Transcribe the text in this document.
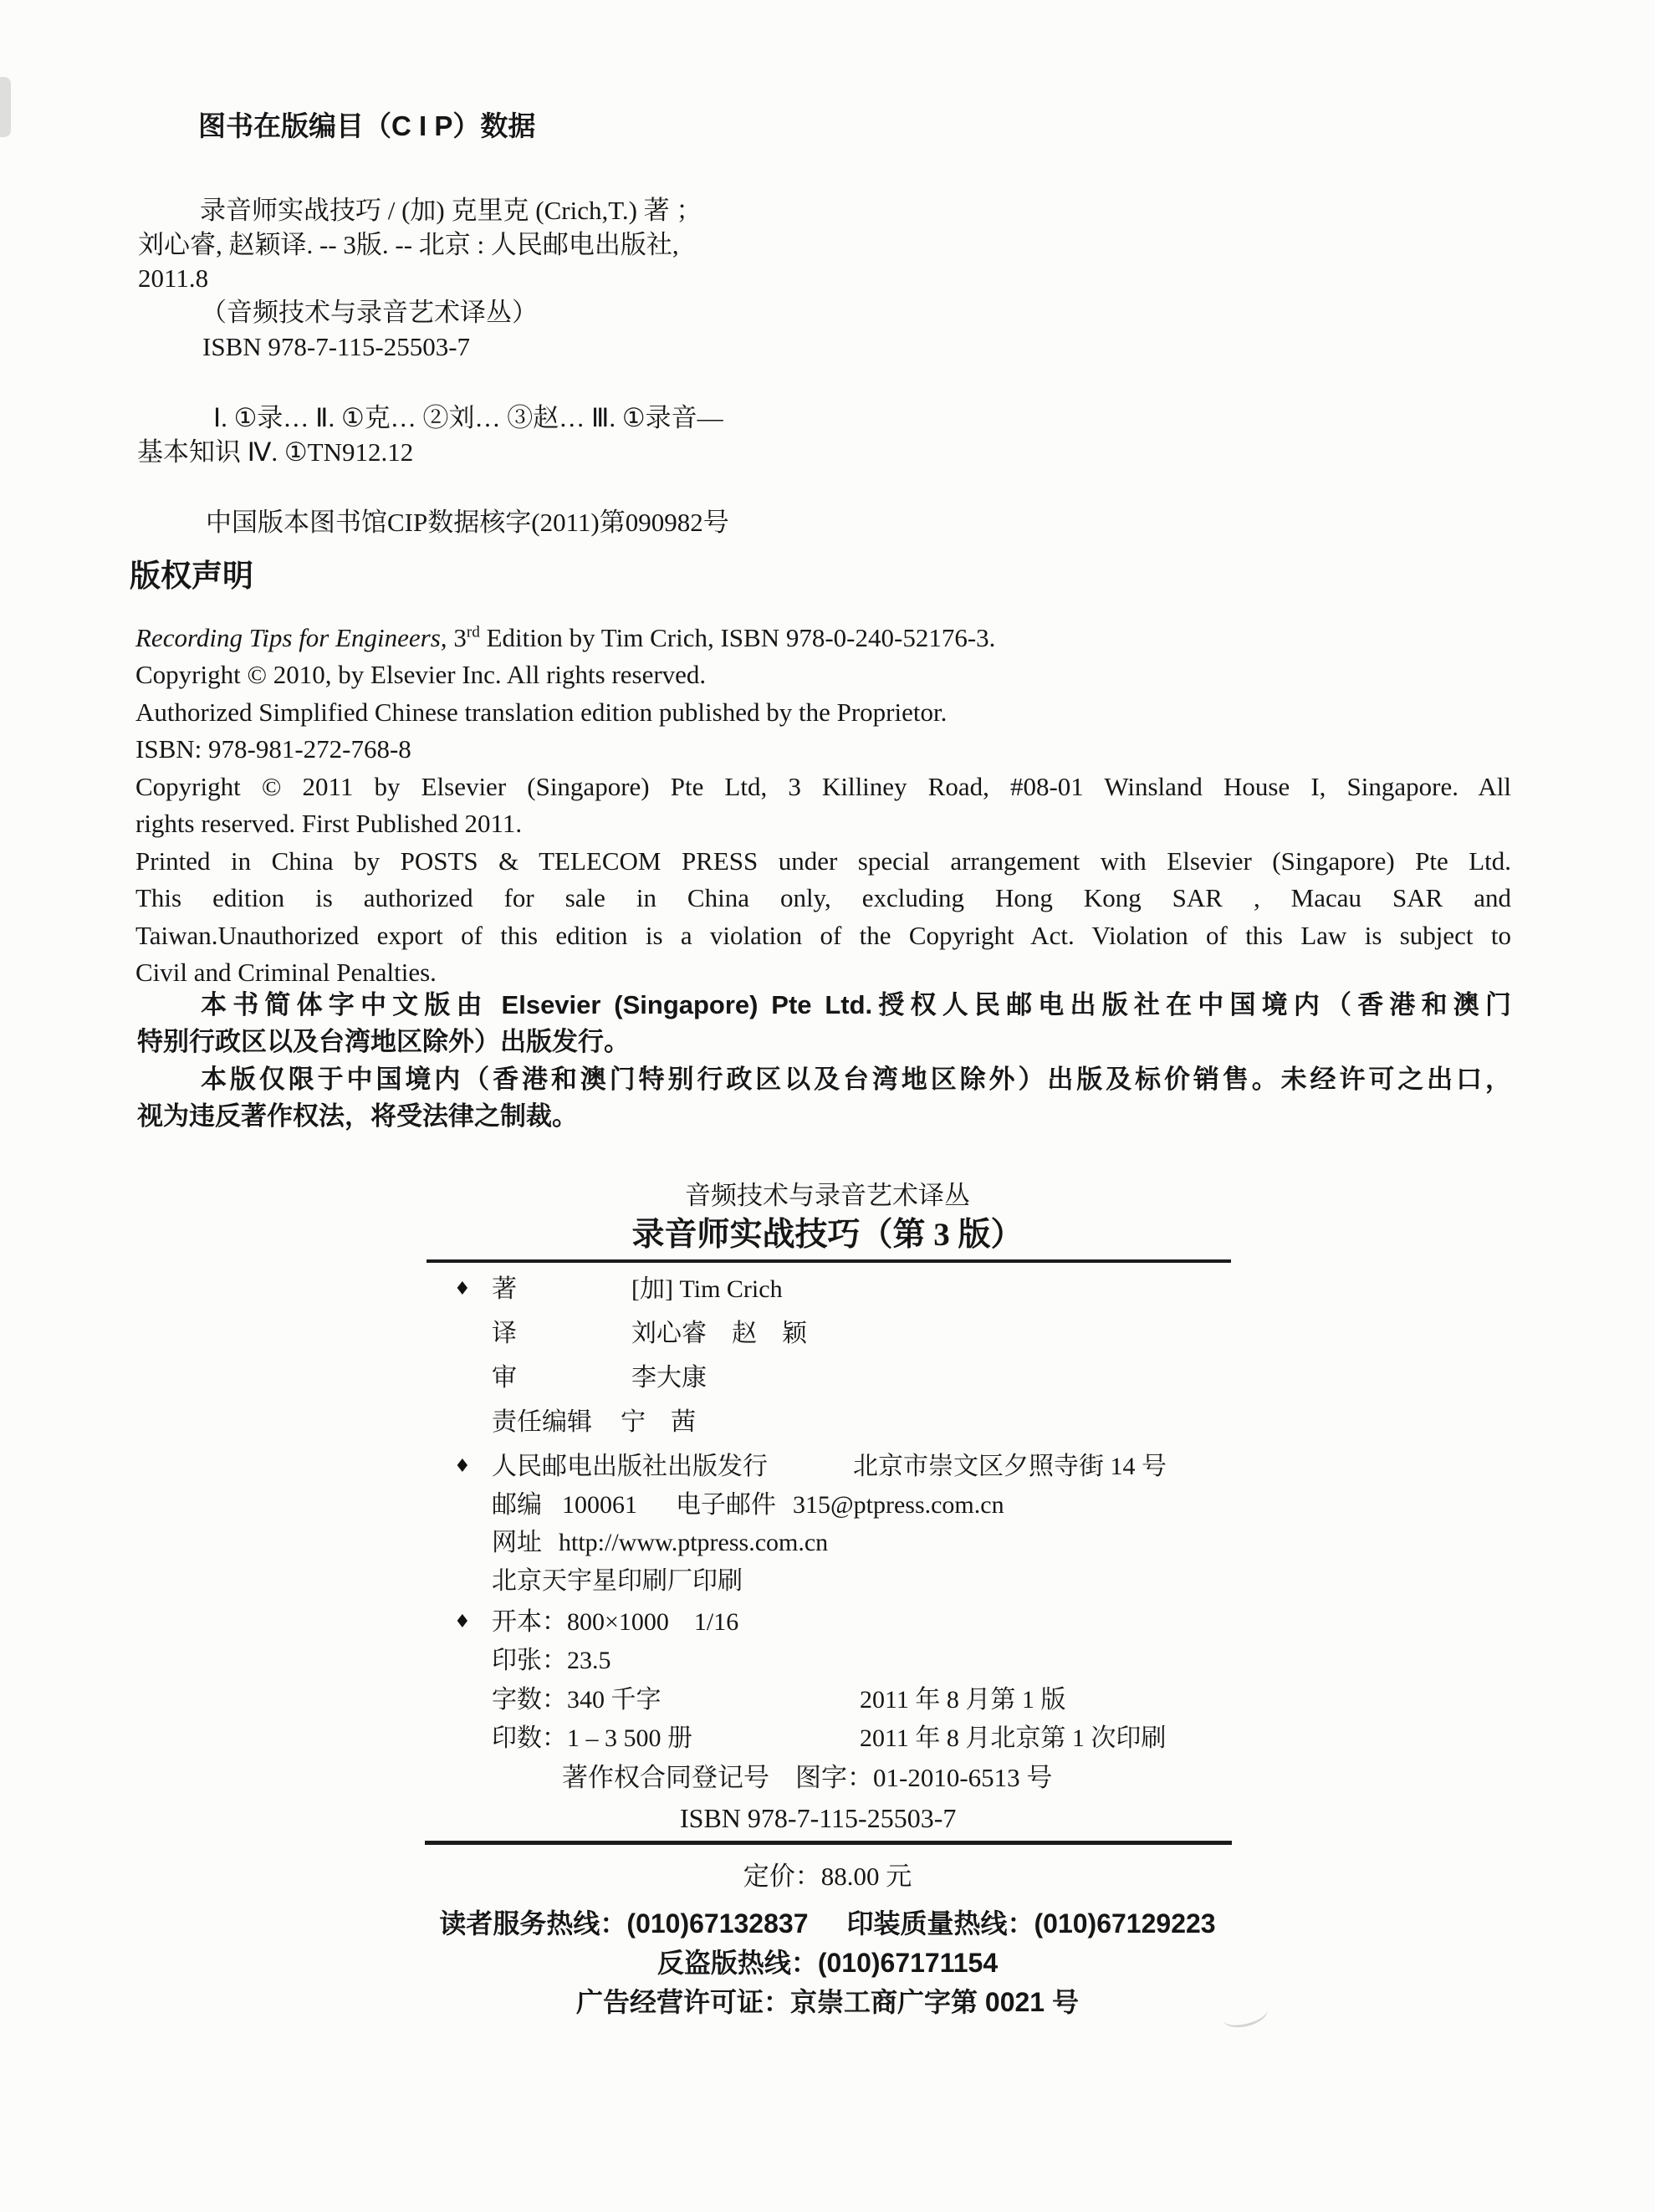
图书在版编目（C I P）数据
录音师实战技巧 / (加) 克里克 (Crich,T.) 著 ；
刘心睿, 赵颖译. -- 3版. -- 北京 : 人民邮电出版社,
2011.8
（音频技术与录音艺术译丛）
ISBN 978-7-115-25503-7
Ⅰ. ①录… Ⅱ. ①克… ②刘… ③赵… Ⅲ. ①录音—
基本知识 Ⅳ. ①TN912.12
中国版本图书馆CIP数据核字(2011)第090982号
版权声明
Recording Tips for Engineers, 3rd Edition by Tim Crich, ISBN 978-0-240-52176-3.
Copyright © 2010, by Elsevier Inc. All rights reserved.
Authorized Simplified Chinese translation edition published by the Proprietor.
ISBN: 978-981-272-768-8
Copyright © 2011 by Elsevier (Singapore) Pte Ltd, 3 Killiney Road, #08-01 Winsland House I, Singapore. All
rights reserved. First Published 2011.
Printed in China by POSTS & TELECOM PRESS under special arrangement with Elsevier (Singapore) Pte Ltd.
This edition is authorized for sale in China only, excluding Hong Kong SAR , Macau SAR and
Taiwan.Unauthorized export of this edition is a violation of the Copyright Act. Violation of this Law is subject to
Civil and Criminal Penalties.
本书简体字中文版由 Elsevier (Singapore) Pte Ltd.授权人民邮电出版社在中国境内（香港和澳门
特别行政区以及台湾地区除外）出版发行。
本版仅限于中国境内（香港和澳门特别行政区以及台湾地区除外）出版及标价销售。未经许可之出口，
视为违反著作权法，将受法律之制裁。
音频技术与录音艺术译丛
录音师实战技巧（第 3 版）
♦ 著	[加] Tim Crich
译	刘心睿　赵　颖
审	李大康
责任编辑 宁　茜
♦ 人民邮电出版社出版发行	北京市崇文区夕照寺街 14 号
邮编 100061 电子邮件 315@ptpress.com.cn
网址 http://www.ptpress.com.cn
北京天宇星印刷厂印刷
♦ 开本：800×1000　1/16
印张：23.5
字数：340 千字	2011 年 8 月第 1 版
印数：1 – 3 500 册	2011 年 8 月北京第 1 次印刷
著作权合同登记号　图字：01-2010-6513 号
ISBN 978-7-115-25503-7
定价：88.00 元
读者服务热线：(010)67132837 印装质量热线：(010)67129223
反盗版热线：(010)67171154
广告经营许可证：京崇工商广字第 0021 号
